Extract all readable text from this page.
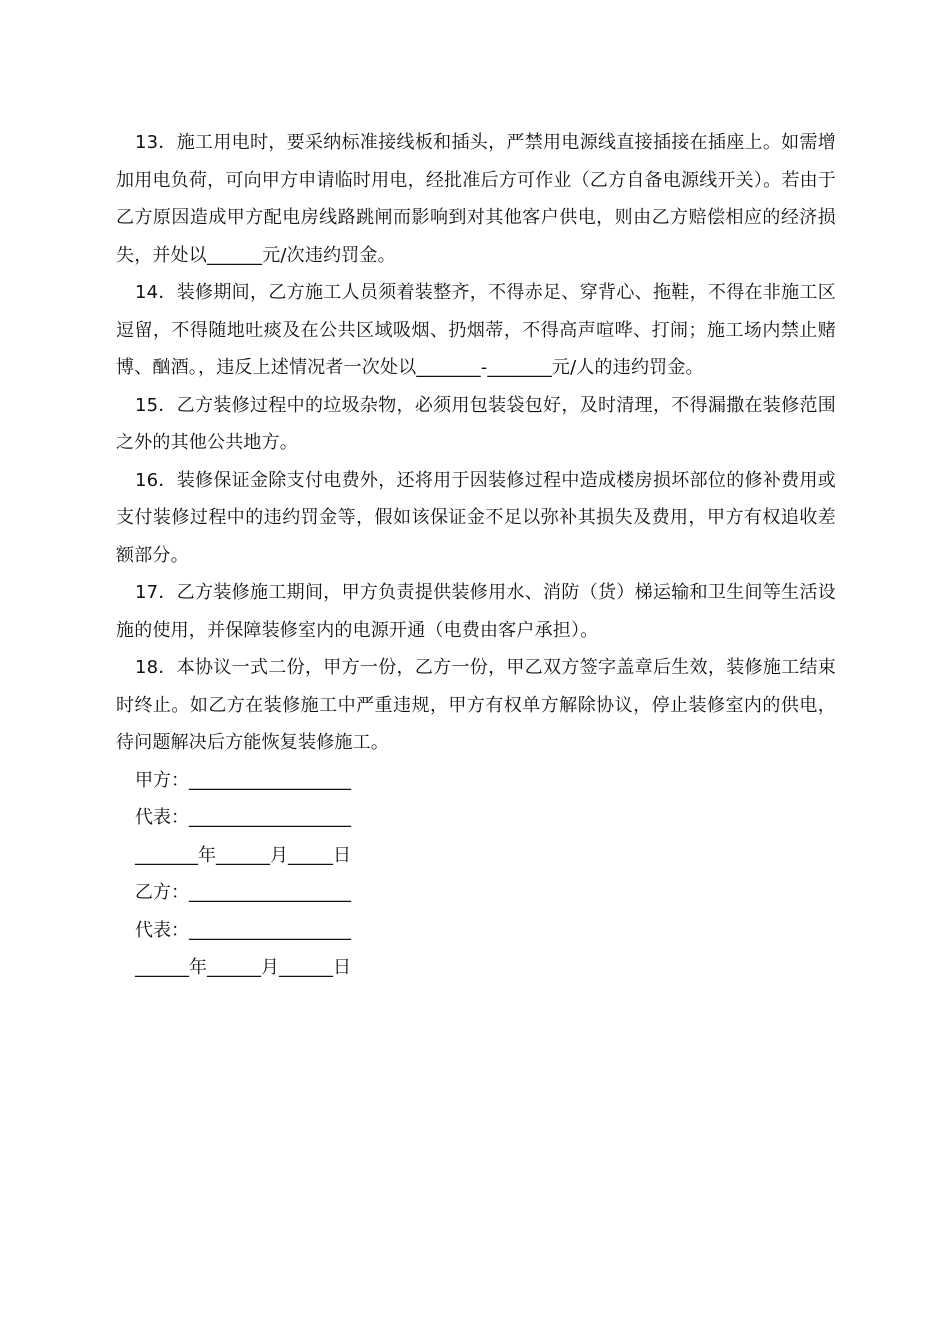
13．施工用电时，要采纳标准接线板和插头，严禁用电源线直接插接在插座上。如需增加用电负荷，可向甲方申请临时用电，经批准后方可作业（乙方自备电源线开关）。若由于乙方原因造成甲方配电房线路跳闸而影响到对其他客户供电，则由乙方赔偿相应的经济损失，并处以______元/次违约罚金。

14．装修期间，乙方施工人员须着装整齐，不得赤足、穿背心、拖鞋，不得在非施工区逗留，不得随地吐痰及在公共区域吸烟、扔烟蒂，不得高声喧哗、打闹；施工场内禁止赌博、酗酒。，违反上述情况者一次处以_______-_______元/人的违约罚金。

15．乙方装修过程中的垃圾杂物，必须用包装袋包好，及时清理，不得漏撒在装修范围之外的其他公共地方。

16．装修保证金除支付电费外，还将用于因装修过程中造成楼房损坏部位的修补费用或支付装修过程中的违约罚金等，假如该保证金不足以弥补其损失及费用，甲方有权追收差额部分。

17．乙方装修施工期间，甲方负责提供装修用水、消防（货）梯运输和卫生间等生活设施的使用，并保障装修室内的电源开通（电费由客户承担）。

18．本协议一式二份，甲方一份，乙方一份，甲乙双方签字盖章后生效，装修施工结束时终止。如乙方在装修施工中严重违规，甲方有权单方解除协议，停止装修室内的供电，待问题解决后方能恢复装修施工。

甲方：__________________
代表：__________________
_______年______月_____日
乙方：__________________
代表：__________________
______年______月______日
